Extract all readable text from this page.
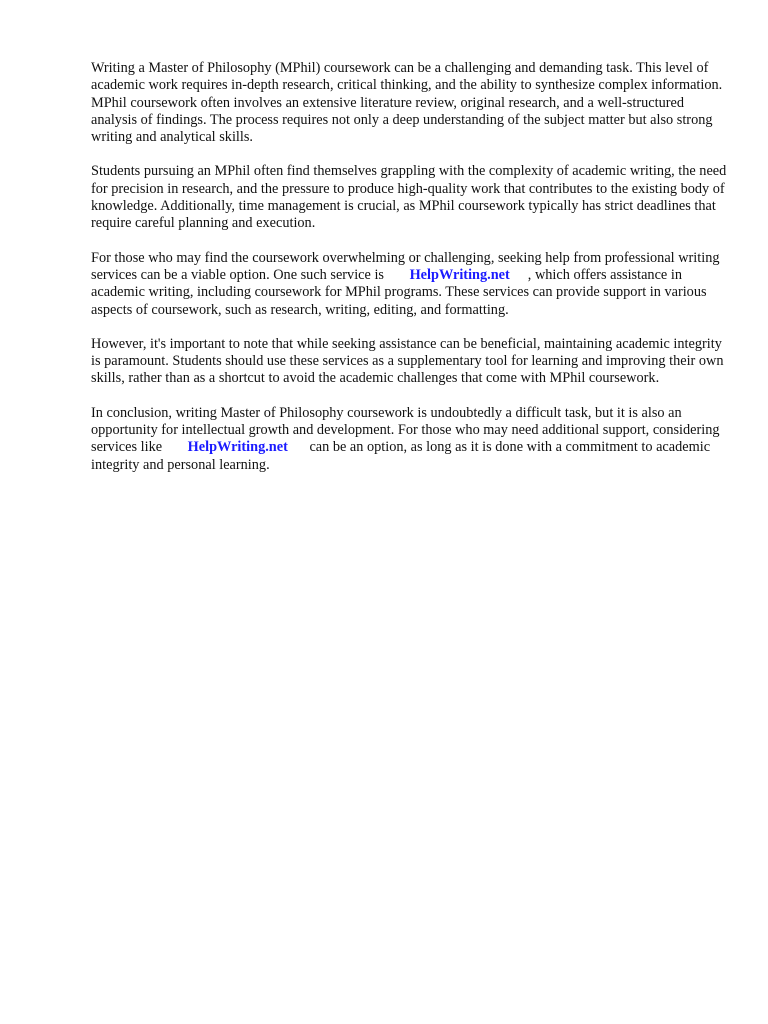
Writing a Master of Philosophy (MPhil) coursework can be a challenging and demanding task. This level of academic work requires in-depth research, critical thinking, and the ability to synthesize complex information. MPhil coursework often involves an extensive literature review, original research, and a well-structured analysis of findings. The process requires not only a deep understanding of the subject matter but also strong writing and analytical skills.

Students pursuing an MPhil often find themselves grappling with the complexity of academic writing, the need for precision in research, and the pressure to produce high-quality work that contributes to the existing body of knowledge. Additionally, time management is crucial, as MPhil coursework typically has strict deadlines that require careful planning and execution.

For those who may find the coursework overwhelming or challenging, seeking help from professional writing services can be a viable option. One such service is HelpWriting.net , which offers assistance in academic writing, including coursework for MPhil programs. These services can provide support in various aspects of coursework, such as research, writing, editing, and formatting.

However, it's important to note that while seeking assistance can be beneficial, maintaining academic integrity is paramount. Students should use these services as a supplementary tool for learning and improving their own skills, rather than as a shortcut to avoid the academic challenges that come with MPhil coursework.

In conclusion, writing Master of Philosophy coursework is undoubtedly a difficult task, but it is also an opportunity for intellectual growth and development. For those who may need additional support, considering services like HelpWriting.net can be an option, as long as it is done with a commitment to academic integrity and personal learning.
